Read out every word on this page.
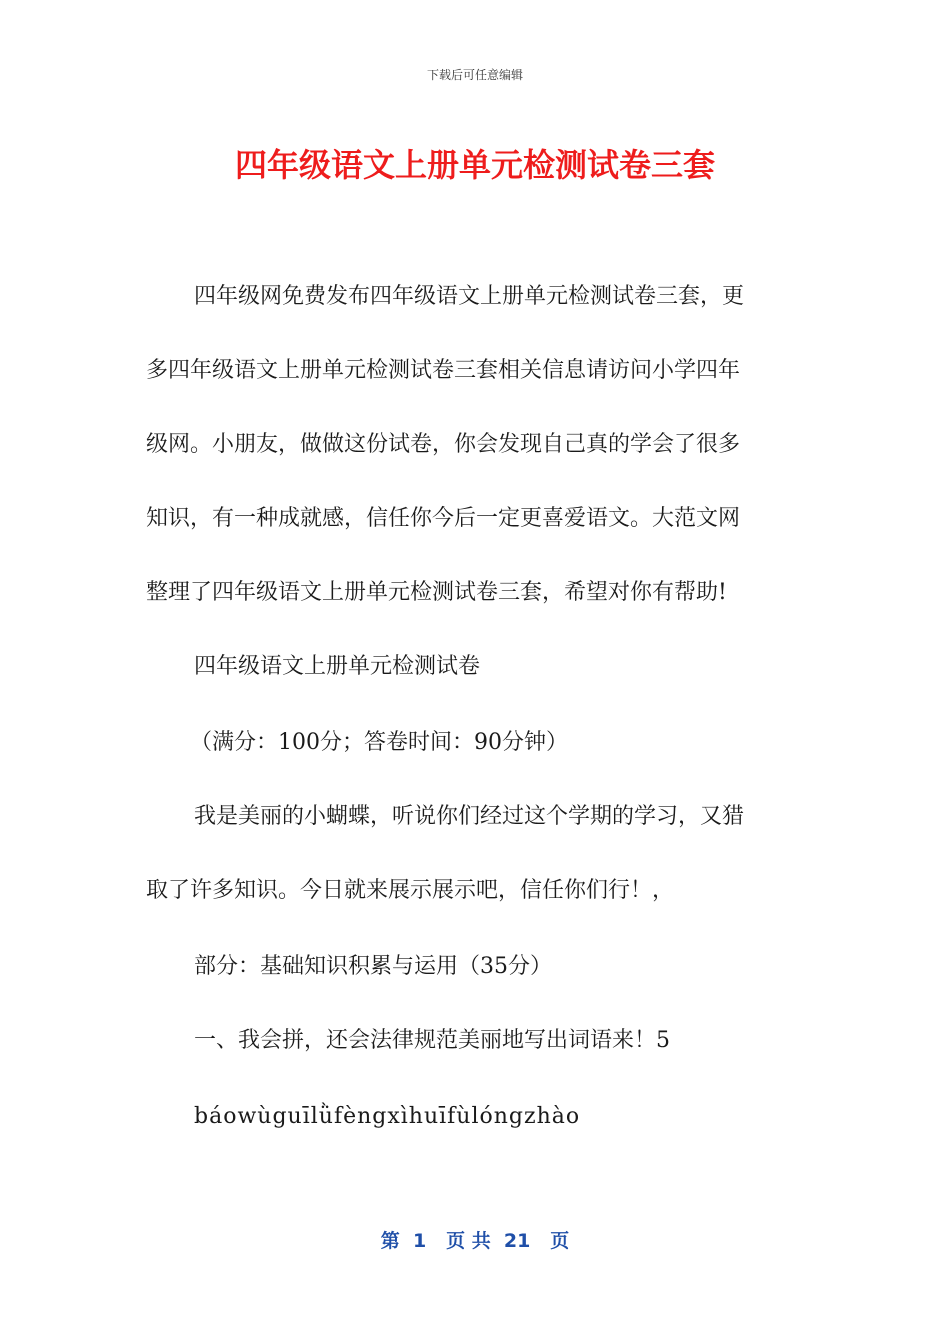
下载后可任意编辑
四年级语文上册单元检测试卷三套
四年级网免费发布四年级语文上册单元检测试卷三套，更
多四年级语文上册单元检测试卷三套相关信息请访问小学四年
级网。小朋友，做做这份试卷，你会发现自己真的学会了很多
知识，有一种成就感，信任你今后一定更喜爱语文。大范文网
整理了四年级语文上册单元检测试卷三套，希望对你有帮助!
四年级语文上册单元检测试卷
（满分：100分；答卷时间：90分钟）
我是美丽的小蝴蝶，听说你们经过这个学期的学习，又猎
取了许多知识。今日就来展示展示吧，信任你们行！，
部分：基础知识积累与运用（35分）
一、我会拼，还会法律规范美丽地写出词语来！5
báowùguīlǜfèngxìhuīfùlóngzhào
第  1   页 共  21   页
